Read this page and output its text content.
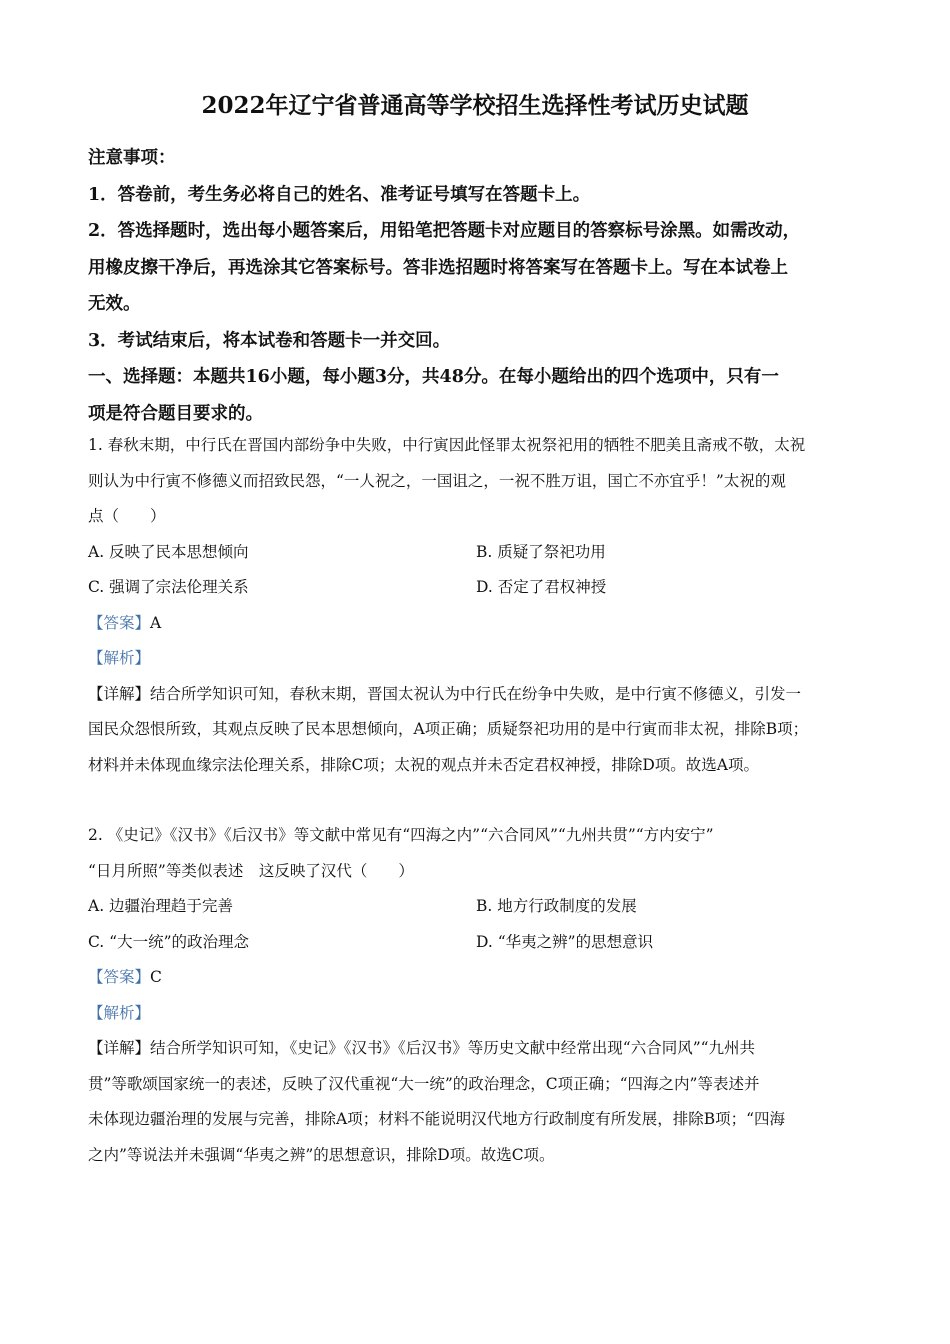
2022年辽宁省普通高等学校招生选择性考试历史试题

注意事项：

1．答卷前，考生务必将自己的姓名、准考证号填写在答题卡上。

2．答选择题时，选出每小题答案后，用铅笔把答题卡对应题目的答察标号涂黑。如需改动，

用橡皮擦干净后，再选涂其它答案标号。答非选招题时将答案写在答题卡上。写在本试卷上

无效。

3．考试结束后，将本试卷和答题卡一并交回。

一、选择题：本题共16小题，每小题3分，共48分。在每小题给出的四个选项中，只有一

项是符合题目要求的。

1. 春秋末期，中行氏在晋国内部纷争中失败，中行寅因此怪罪太祝祭祀用的牺牲不肥美且斋戒不敬，太祝

则认为中行寅不修德义而招致民怨，“一人祝之，一国诅之，一祝不胜万诅，国亡不亦宜乎！”太祝的观

点（　　）

A. 反映了民本思想倾向	B. 质疑了祭祀功用
C. 强调了宗法伦理关系	D. 否定了君权神授

【答案】A

【解析】

【详解】结合所学知识可知，春秋末期，晋国太祝认为中行氏在纷争中失败，是中行寅不修德义，引发一

国民众怨恨所致，其观点反映了民本思想倾向，A项正确；质疑祭祀功用的是中行寅而非太祝，排除B项；

材料并未体现血缘宗法伦理关系，排除C项；太祝的观点并未否定君权神授，排除D项。故选A项。

2. 《史记》《汉书》《后汉书》等文献中常见有“四海之内”“六合同风”“九州共贯”“方内安宁”

“日月所照”等类似表述　这反映了汉代（　　）

A. 边疆治理趋于完善	B. 地方行政制度的发展
C. “大一统”的政治理念	D. “华夷之辨”的思想意识

【答案】C

【解析】

【详解】结合所学知识可知，《史记》《汉书》《后汉书》等历史文献中经常出现“六合同风”“九州共

贯”等歌颂国家统一的表述，反映了汉代重视“大一统”的政治理念，C项正确；“四海之内”等表述并

未体现边疆治理的发展与完善，排除A项；材料不能说明汉代地方行政制度有所发展，排除B项；“四海

之内”等说法并未强调“华夷之辨”的思想意识，排除D项。故选C项。
